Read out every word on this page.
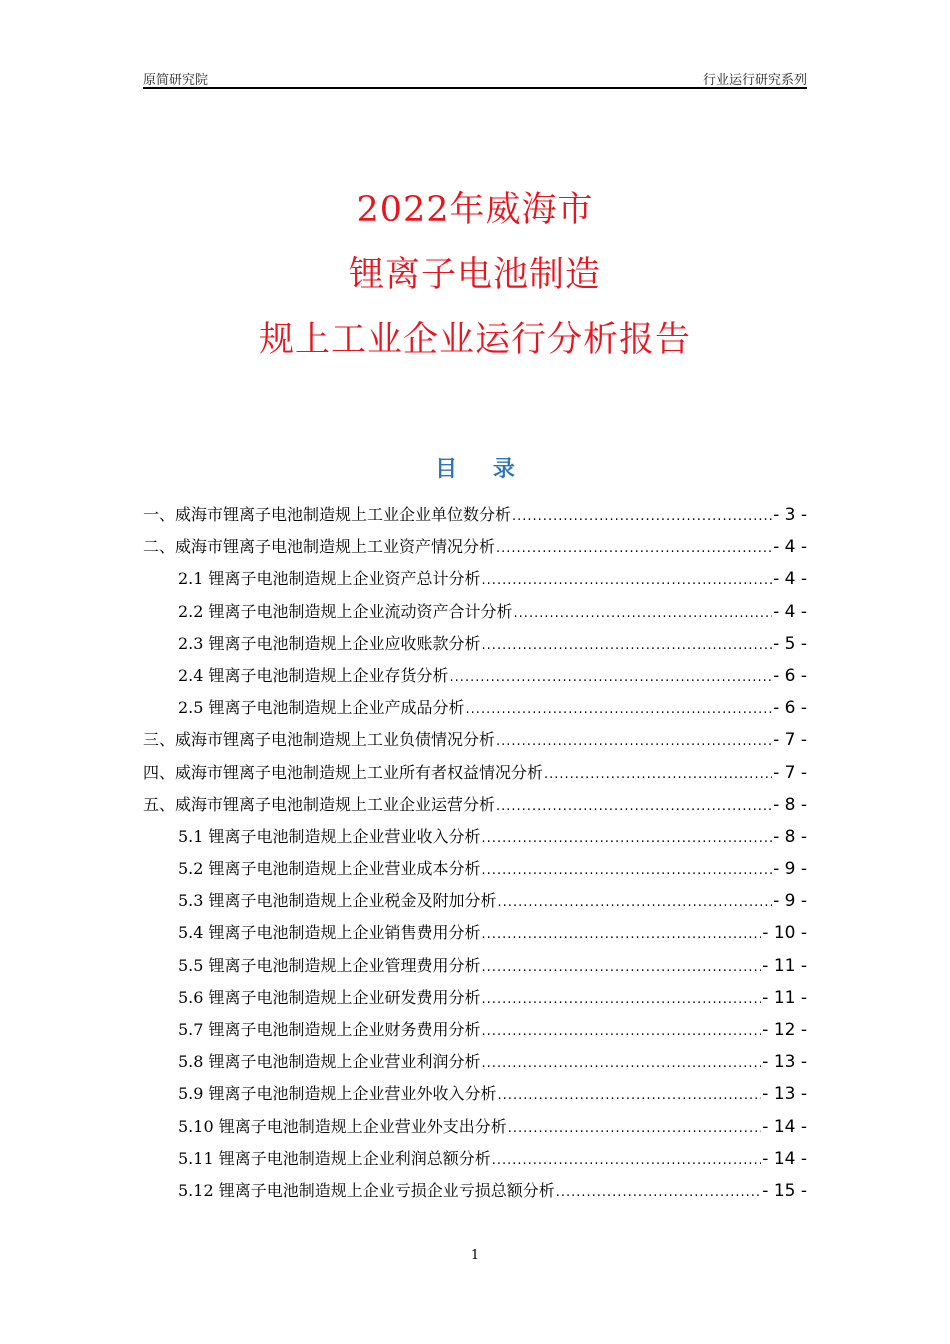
原简研究院	行业运行研究系列
2022年威海市
锂离子电池制造
规上工业企业运行分析报告
目 录
一、威海市锂离子电池制造规上工业企业单位数分析 .....	- 3 -
二、威海市锂离子电池制造规上工业资产情况分析 .....	- 4 -
2.1 锂离子电池制造规上企业资产总计分析 .....	- 4 -
2.2 锂离子电池制造规上企业流动资产合计分析 .....	- 4 -
2.3 锂离子电池制造规上企业应收账款分析 .....	- 5 -
2.4 锂离子电池制造规上企业存货分析 .....	- 6 -
2.5 锂离子电池制造规上企业产成品分析 .....	- 6 -
三、威海市锂离子电池制造规上工业负债情况分析 .....	- 7 -
四、威海市锂离子电池制造规上工业所有者权益情况分析 .....	- 7 -
五、威海市锂离子电池制造规上工业企业运营分析 .....	- 8 -
5.1 锂离子电池制造规上企业营业收入分析 .....	- 8 -
5.2 锂离子电池制造规上企业营业成本分析 .....	- 9 -
5.3 锂离子电池制造规上企业税金及附加分析 .....	- 9 -
5.4 锂离子电池制造规上企业销售费用分析 .....	- 10 -
5.5 锂离子电池制造规上企业管理费用分析 .....	- 11 -
5.6 锂离子电池制造规上企业研发费用分析 .....	- 11 -
5.7 锂离子电池制造规上企业财务费用分析 .....	- 12 -
5.8 锂离子电池制造规上企业营业利润分析 .....	- 13 -
5.9 锂离子电池制造规上企业营业外收入分析 .....	- 13 -
5.10 锂离子电池制造规上企业营业外支出分析 .....	- 14 -
5.11 锂离子电池制造规上企业利润总额分析 .....	- 14 -
5.12 锂离子电池制造规上企业亏损企业亏损总额分析 .....	- 15 -
1
